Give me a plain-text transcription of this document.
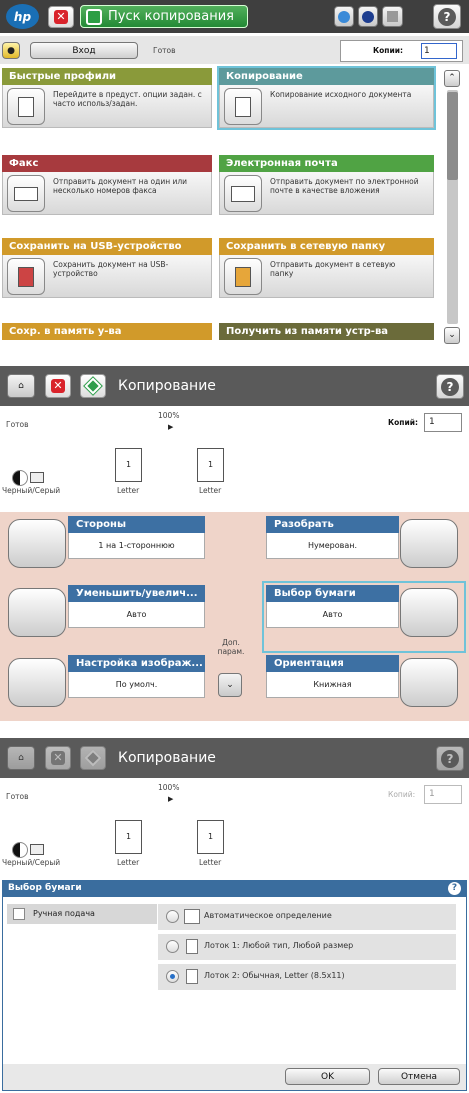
hp	✕	Пуск копирования	?
●	Вход	Готов	Копии:	1
Быстрые профили
Перейдите в предуст. опции задан. с часто использ/задан.
Копирование
Копирование исходного документа
Факс
Отправить документ на один или несколько номеров факса
Электронная почта
Отправить документ по электронной почте в качестве вложения
Сохранить на USB-устройство
Сохранить документ на USB-устройство
Сохранить в сетевую папку
Отправить документ в сетевую папку
Сохр. в память у-ва	Получить из памяти устр-ва
⌃
⌄
⌂	✕	Копирование	?
Готов	Копий:	1
100%
▶
1	1
Letter	Letter
Черный/Серый
Стороны
1 на 1-стороннюю
Разобрать
Нумерован.
Уменьшить/увелич...
Авто
Выбор бумаги
Авто
Доп. парам.
Настройка изображ...
По умолч.	⌄
Ориентация
Книжная
⌂	✕	Копирование	?
Готов	Копий:	1
100%
▶
1	1
Letter	Letter
Черный/Серый
Выбор бумаги	?
Ручная подача	Автоматическое определение
Лоток 1: Любой тип, Любой размер
Лоток 2: Обычная, Letter (8.5x11)
OK	Отмена
